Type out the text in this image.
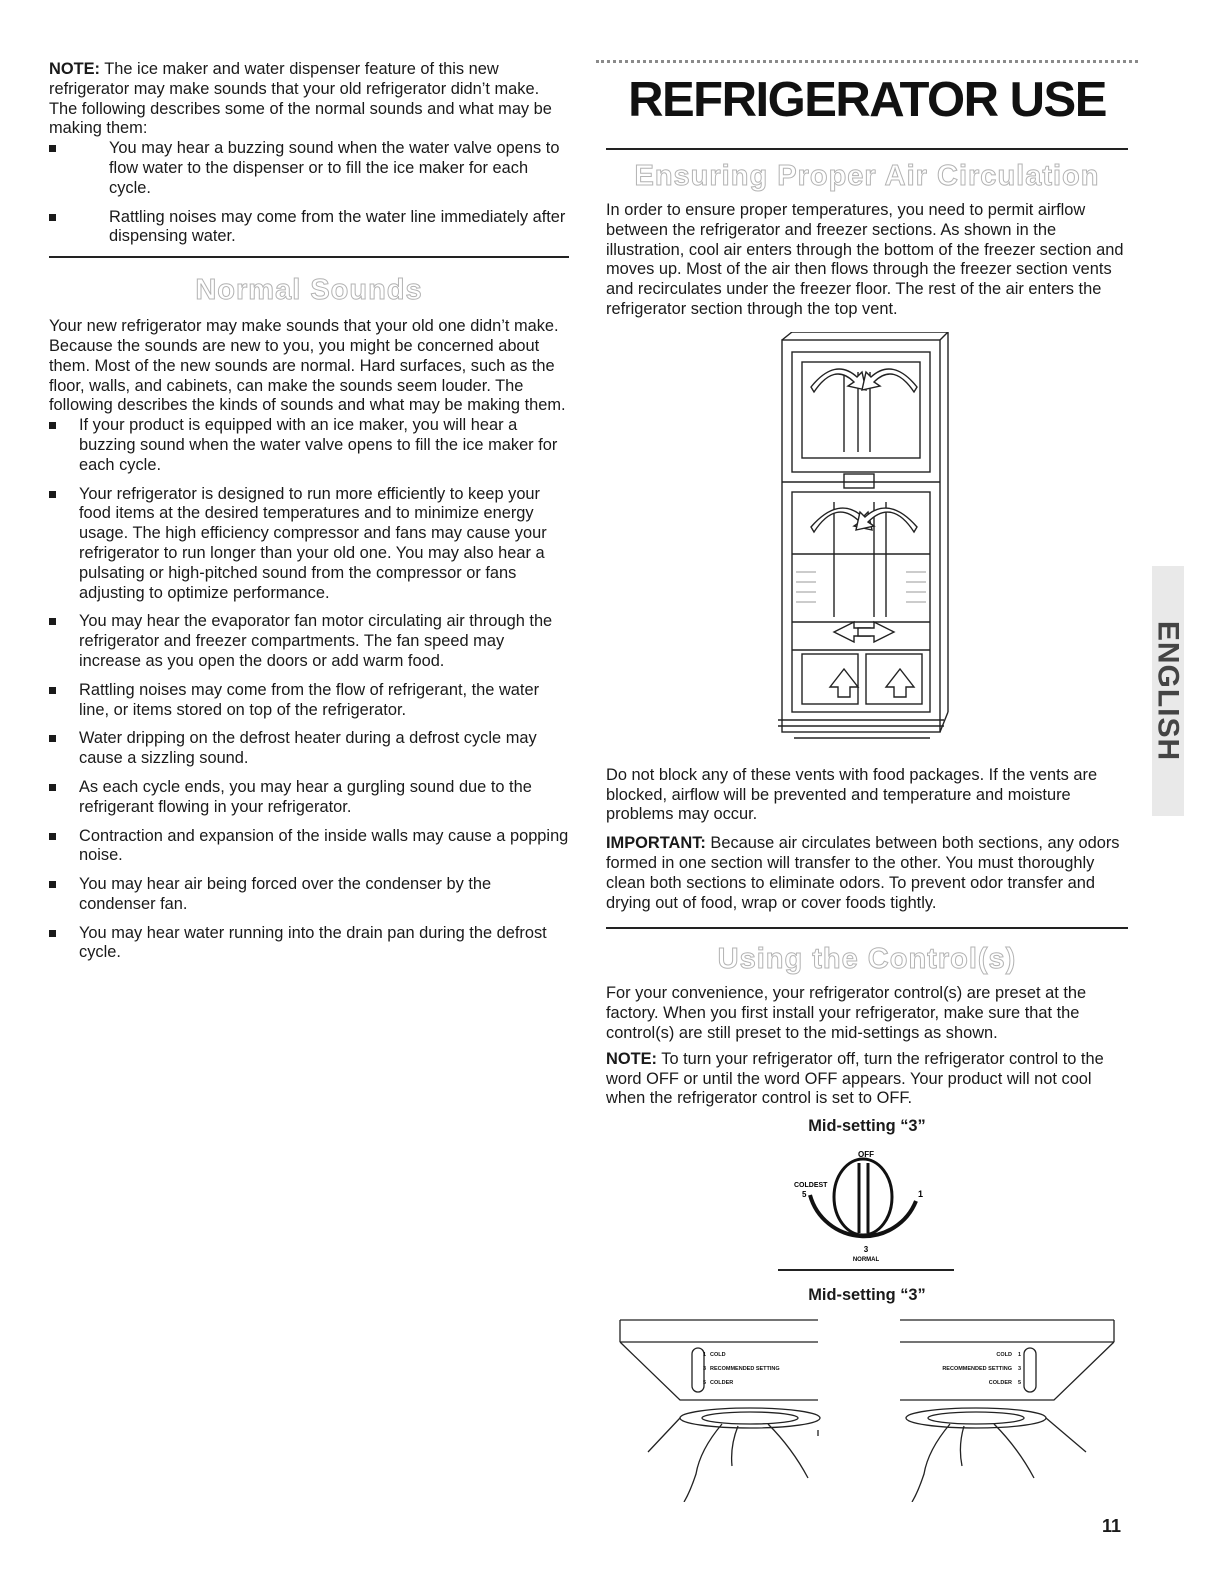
NOTE: The ice maker and water dispenser feature of this new refrigerator may make sounds that your old refrigerator didn’t make. The following describes some of the normal sounds and what may be making them:

You may hear a buzzing sound when the water valve opens to flow water to the dispenser or to fill the ice maker for each cycle.
Rattling noises may come from the water line immediately after dispensing water.
Normal Sounds

Your new refrigerator may make sounds that your old one didn’t make. Because the sounds are new to you, you might be concerned about them. Most of the new sounds are normal. Hard surfaces, such as the floor, walls, and cabinets, can make the sounds seem louder. The following describes the kinds of sounds and what may be making them.

If your product is equipped with an ice maker, you will hear a buzzing sound when the water valve opens to fill the ice maker for each cycle.
Your refrigerator is designed to run more efficiently to keep your food items at the desired temperatures and to minimize energy usage. The high efficiency compressor and fans may cause your refrigerator to run longer than your old one. You may also hear a pulsating or high-pitched sound from the compressor or fans adjusting to optimize performance.
You may hear the evaporator fan motor circulating air through the refrigerator and freezer compartments. The fan speed may increase as you open the doors or add warm food.
Rattling noises may come from the flow of refrigerant, the water line, or items stored on top of the refrigerator.
Water dripping on the defrost heater during a defrost cycle may cause a sizzling sound.
As each cycle ends, you may hear a gurgling sound due to the refrigerant flowing in your refrigerator.
Contraction and expansion of the inside walls may cause a popping noise.
You may hear air being forced over the condenser by the condenser fan.
You may hear water running into the drain pan during the defrost cycle.
REFRIGERATOR USE
Ensuring Proper Air Circulation

In order to ensure proper temperatures, you need to permit airflow between the refrigerator and freezer sections. As shown in the illustration, cool air enters through the bottom of the freezer section and moves up. Most of the air then flows through the freezer section vents and recirculates under the freezer floor. The rest of the air enters the refrigerator section through the top vent.

Do not block any of these vents with food packages. If the vents are blocked, airflow will be prevented and temperature and moisture problems may occur.

IMPORTANT: Because air circulates between both sections, any odors formed in one section will transfer to the other. You must thoroughly clean both sections to eliminate odors. To prevent odor transfer and drying out of food, wrap or cover foods tightly.

Using the Control(s)

For your convenience, your refrigerator control(s) are preset at the factory. When you first install your refrigerator, make sure that the control(s) are still preset to the mid-settings as shown.

NOTE: To turn your refrigerator off, turn the refrigerator control to the word OFF or until the word OFF appears. Your product will not cool when the refrigerator control is set to OFF.

Mid-setting “3”
OFF
COLDEST
5	1
3
NORMAL
Mid-setting “3”
COLD
1
3 RECOMMENDED SETTING
5 COLDER
COLD 1
RECOMMENDED SETTING 3
COLDER 5
ENGLISH
11
